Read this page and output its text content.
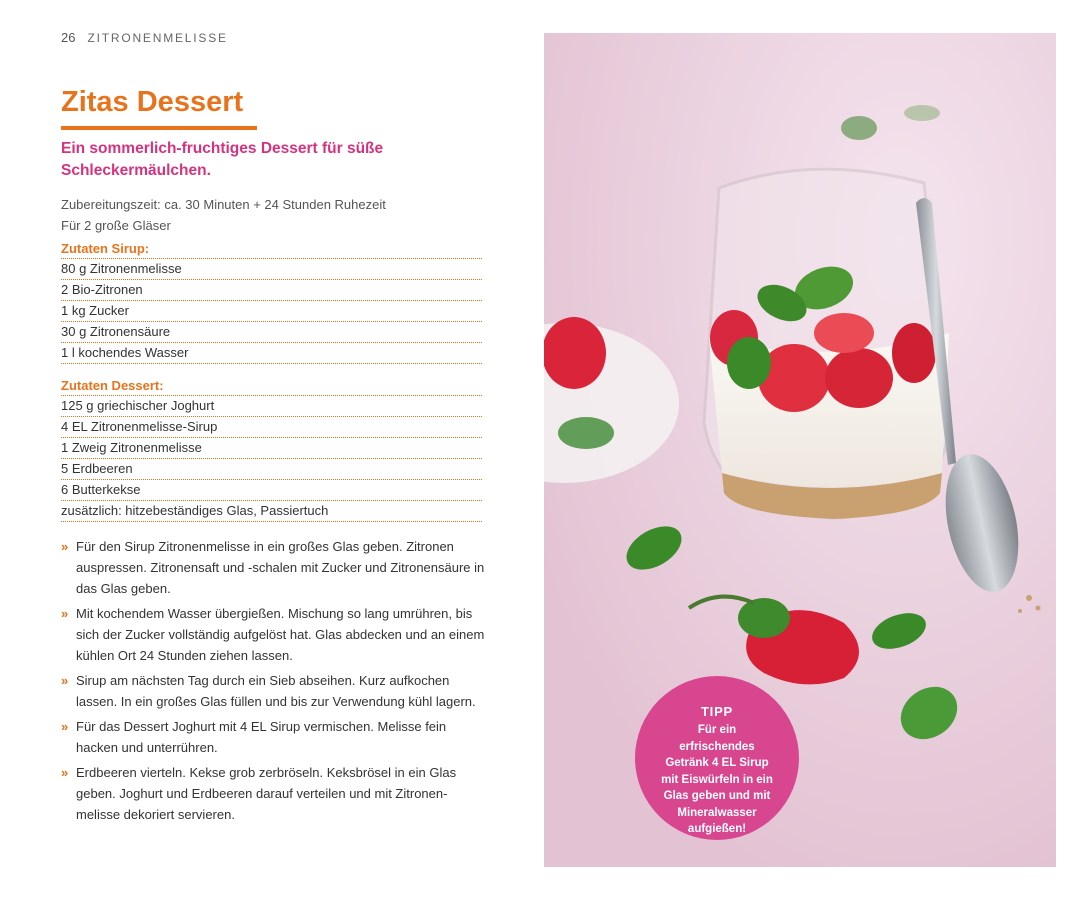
26 ZITRONENMELISSE
Zitas Dessert

Ein sommerlich-fruchtiges Dessert für süße Schleckermäulchen.

Zubereitungszeit: ca. 30 Minuten + 24 Stunden Ruhezeit
Für 2 große Gläser
Zutaten Sirup:
80 g Zitronenmelisse
2 Bio-Zitronen
1 kg Zucker
30 g Zitronensäure
1 l kochendes Wasser
Zutaten Dessert:
125 g griechischer Joghurt
4 EL Zitronenmelisse-Sirup
1 Zweig Zitronenmelisse
5 Erdbeeren
6 Butterkekse
zusätzlich: hitzebeständiges Glas, Passiertuch
» Für den Sirup Zitronenmelisse in ein großes Glas geben. Zitronen auspressen. Zitronensaft und -schalen mit Zucker und Zitronensäure in das Glas geben.
» Mit kochendem Wasser übergießen. Mischung so lang umrühren, bis sich der Zucker vollständig aufgelöst hat. Glas abdecken und an einem kühlen Ort 24 Stunden ziehen lassen.
» Sirup am nächsten Tag durch ein Sieb abseihen. Kurz aufkochen lassen. In ein großes Glas füllen und bis zur Verwendung kühl lagern.
» Für das Dessert Joghurt mit 4 EL Sirup vermischen. Melisse fein hacken und unterrühren.
» Erdbeeren vierteln. Kekse grob zerbröseln. Keksbrösel in ein Glas geben. Joghurt und Erdbeeren darauf verteilen und mit Zitronenmelisse dekoriert servieren.
TIPP
Für ein erfrischendes Getränk 4 EL Sirup mit Eiswürfeln in ein Glas geben und mit Mineralwasser aufgießen!
